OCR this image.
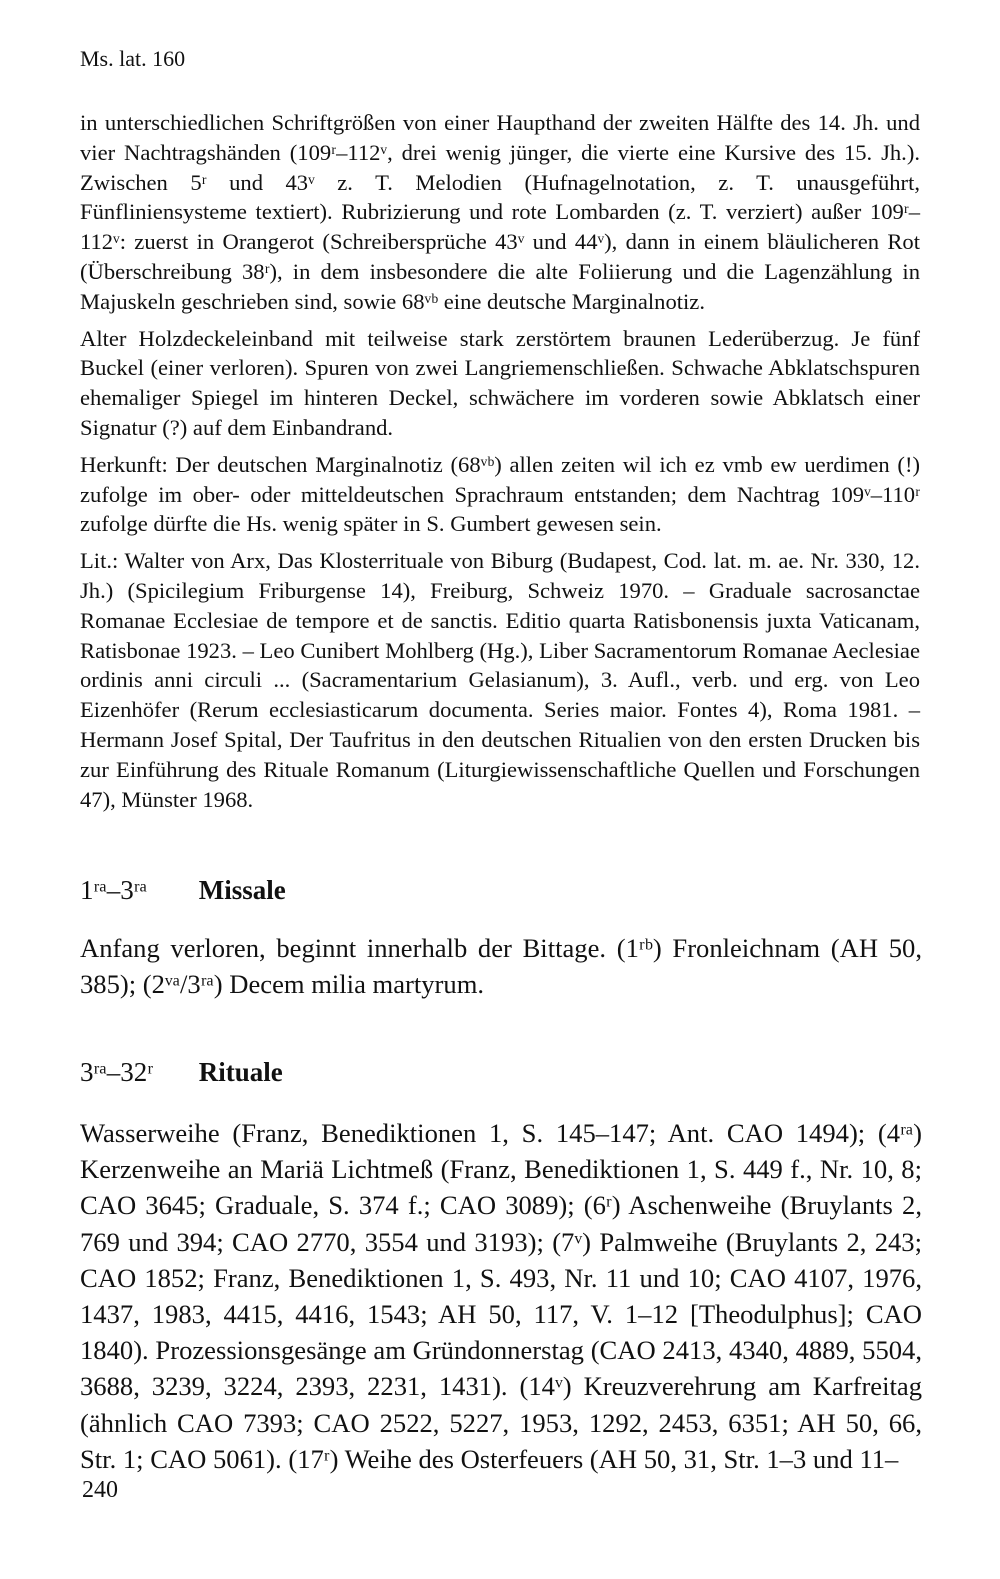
Ms. lat. 160

in unterschiedlichen Schriftgrößen von einer Haupthand der zweiten Hälfte des 14. Jh. und vier Nachtragshänden (109ʳ–112ᵛ, drei wenig jünger, die vierte eine Kursive des 15. Jh.). Zwischen 5ʳ und 43ᵛ z. T. Melodien (Hufnagelnotation, z. T. unausgeführt, Fünfliniensysteme textiert). Rubrizierung und rote Lombarden (z. T. verziert) außer 109ʳ–112ᵛ: zuerst in Orangerot (Schreibersprüche 43ᵛ und 44ᵛ), dann in einem bläulicheren Rot (Überschreibung 38ʳ), in dem insbesondere die alte Foliierung und die Lagenzählung in Majuskeln geschrieben sind, sowie 68ᵛᵇ eine deutsche Marginalnotiz.

Alter Holzdeckeleinband mit teilweise stark zerstörtem braunen Lederüberzug. Je fünf Buckel (einer verloren). Spuren von zwei Langriemenschließen. Schwache Abklatschspuren ehemaliger Spiegel im hinteren Deckel, schwächere im vorderen sowie Abklatsch einer Signatur (?) auf dem Einbandrand.

Herkunft: Der deutschen Marginalnotiz (68ᵛᵇ) allen zeiten wil ich ez vmb ew uerdimen (!) zufolge im ober- oder mitteldeutschen Sprachraum entstanden; dem Nachtrag 109ᵛ–110ʳ zufolge dürfte die Hs. wenig später in S. Gumbert gewesen sein.

Lit.: Walter von Arx, Das Klosterrituale von Biburg (Budapest, Cod. lat. m. ae. Nr. 330, 12. Jh.) (Spicilegium Friburgense 14), Freiburg, Schweiz 1970. – Graduale sacrosanctae Romanae Ecclesiae de tempore et de sanctis. Editio quarta Ratisbonensis juxta Vaticanam, Ratisbonae 1923. – Leo Cunibert Mohlberg (Hg.), Liber Sacramentorum Romanae Aeclesiae ordinis anni circuli ... (Sacramentarium Gelasianum), 3. Aufl., verb. und erg. von Leo Eizenhöfer (Rerum ecclesiasticarum documenta. Series maior. Fontes 4), Roma 1981. – Hermann Josef Spital, Der Taufritus in den deutschen Ritualien von den ersten Drucken bis zur Einführung des Rituale Romanum (Liturgiewissenschaftliche Quellen und Forschungen 47), Münster 1968.

1ʳᵃ–3ʳᵃ Missale

Anfang verloren, beginnt innerhalb der Bittage. (1ʳᵇ) Fronleichnam (AH 50, 385); (2ᵛᵃ/3ʳᵃ) Decem milia martyrum.

3ʳᵃ–32ʳ Rituale

Wasserweihe (Franz, Benediktionen 1, S. 145–147; Ant. CAO 1494); (4ʳᵃ) Kerzenweihe an Mariä Lichtmeß (Franz, Benediktionen 1, S. 449 f., Nr. 10, 8; CAO 3645; Graduale, S. 374 f.; CAO 3089); (6ʳ) Aschenweihe (Bruylants 2, 769 und 394; CAO 2770, 3554 und 3193); (7ᵛ) Palmweihe (Bruylants 2, 243; CAO 1852; Franz, Benediktionen 1, S. 493, Nr. 11 und 10; CAO 4107, 1976, 1437, 1983, 4415, 4416, 1543; AH 50, 117, V. 1–12 [Theodulphus]; CAO 1840). Prozessionsgesänge am Gründonnerstag (CAO 2413, 4340, 4889, 5504, 3688, 3239, 3224, 2393, 2231, 1431). (14ᵛ) Kreuzverehrung am Karfreitag (ähnlich CAO 7393; CAO 2522, 5227, 1953, 1292, 2453, 6351; AH 50, 66, Str. 1; CAO 5061). (17ʳ) Weihe des Osterfeuers (AH 50, 31, Str. 1–3 und 11–

240
